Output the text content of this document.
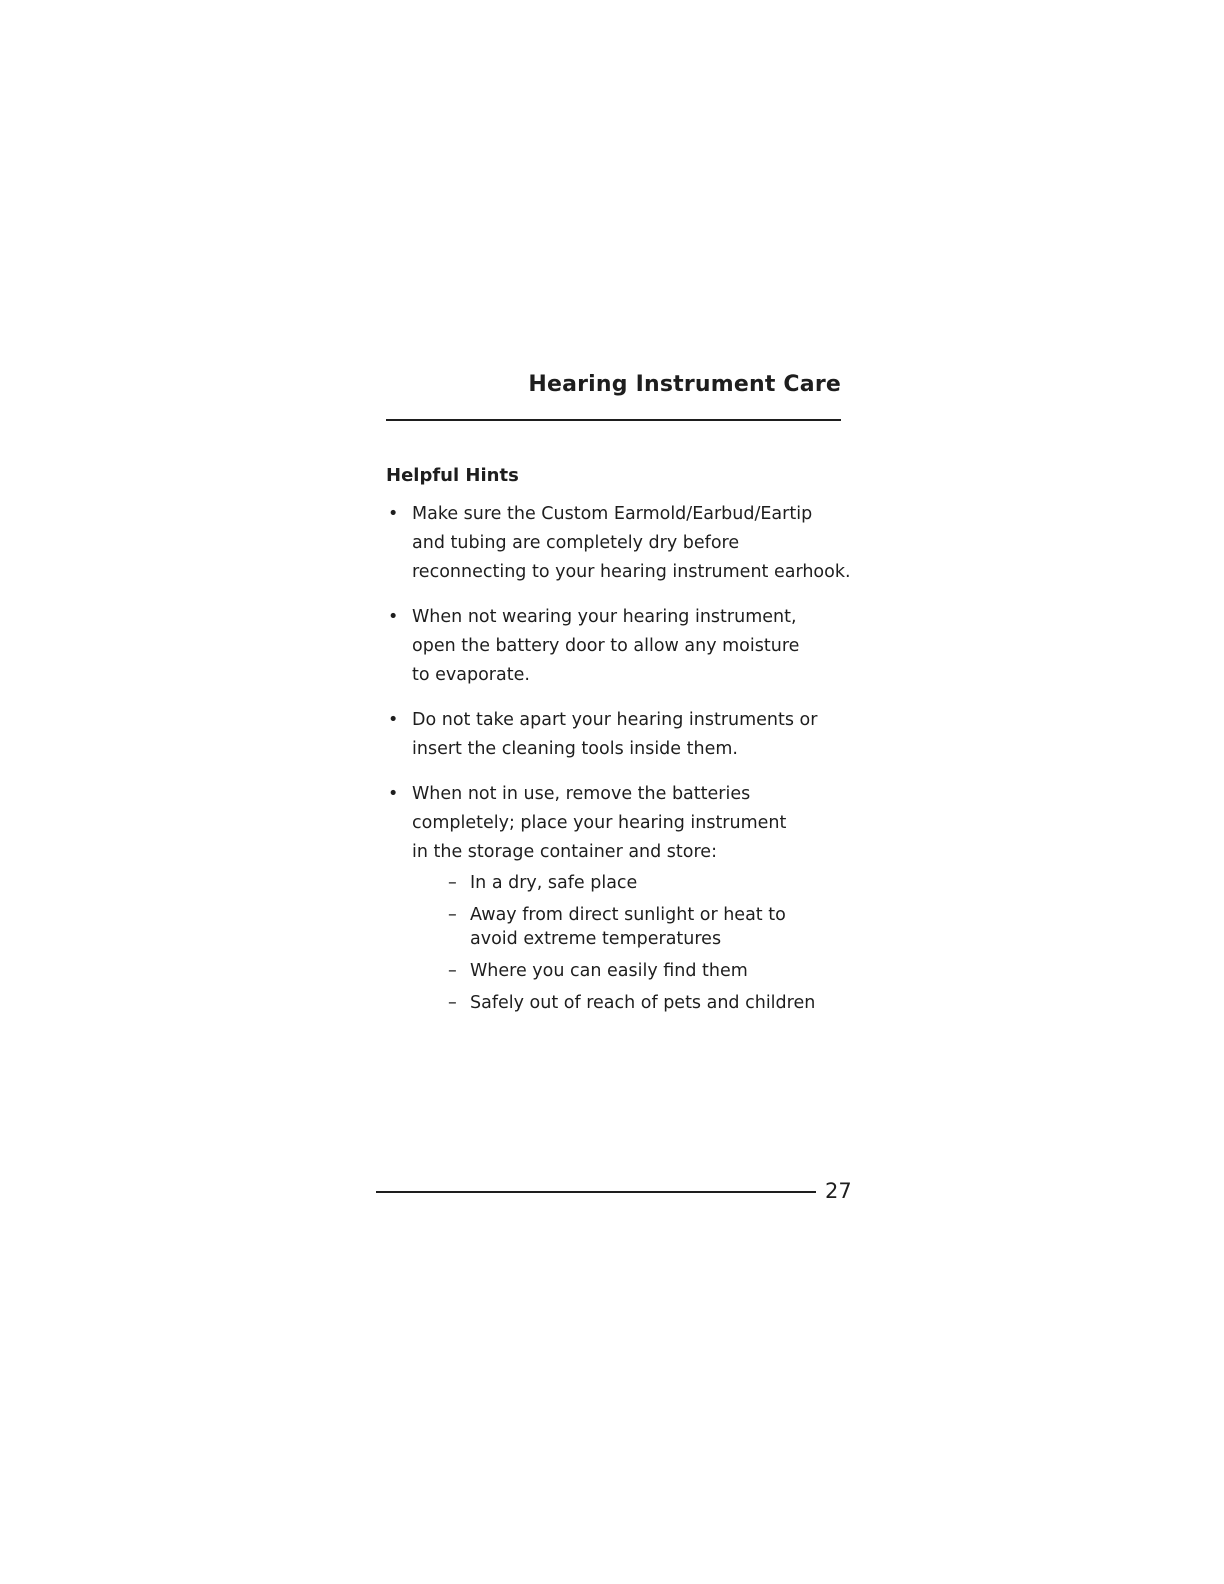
Hearing Instrument Care
Helpful Hints
• Make sure the Custom Earmold/Earbud/Eartip
and tubing are completely dry before
reconnecting to your hearing instrument earhook.
• When not wearing your hearing instrument,
open the battery door to allow any moisture
to evaporate.
• Do not take apart your hearing instruments or
insert the cleaning tools inside them.
• When not in use, remove the batteries
completely; place your hearing instrument
in the storage container and store:
– In a dry, safe place
– Away from direct sunlight or heat to
avoid extreme temperatures
– Where you can easily find them
– Safely out of reach of pets and children

27
